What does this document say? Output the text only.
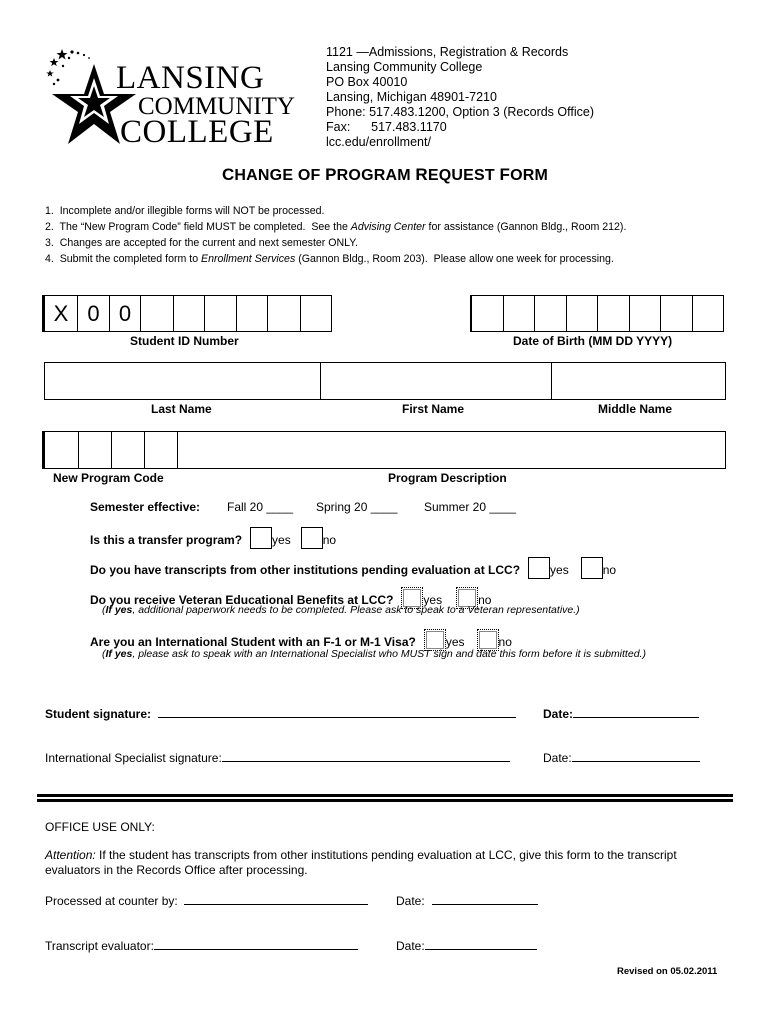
LANSING
COMMUNITY
COLLEGE
1121 —Admissions, Registration & Records
Lansing Community College
PO Box 40010
Lansing, Michigan 48901-7210
Phone: 517.483.1200, Option 3 (Records Office)
Fax:      517.483.1170
lcc.edu/enrollment/
CHANGE OF PROGRAM REQUEST FORM
1.  Incomplete and/or illegible forms will NOT be processed.
2.  The “New Program Code” field MUST be completed.  See the Advising Center for assistance (Gannon Bldg., Room 212).
3.  Changes are accepted for the current and next semester ONLY.
4.  Submit the completed form to Enrollment Services (Gannon Bldg., Room 203).  Please allow one week for processing.
X 0 0
Student ID Number	Date of Birth (MM DD YYYY)
Last Name	First Name	Middle Name
New Program Code	Program Description
Semester effective: Fall 20 ____ Spring 20 ____ Summer 20 ____
Is this a transfer program?	yes	no
Do you have transcripts from other institutions pending evaluation at LCC?	yes	no
Do you receive Veteran Educational Benefits at LCC?	yes	no
(If yes, additional paperwork needs to be completed. Please ask to speak to a Veteran representative.)
Are you an International Student with an F-1 or M-1 Visa?	yes	no
(If yes, please ask to speak with an International Specialist who MUST sign and date this form before it is submitted.)
Student signature:	Date:
International Specialist signature:	Date:
OFFICE USE ONLY:
Attention: If the student has transcripts from other institutions pending evaluation at LCC, give this form to the transcript
evaluators in the Records Office after processing.
Processed at counter by:	Date:
Transcript evaluator:	Date:
Revised on 05.02.2011
